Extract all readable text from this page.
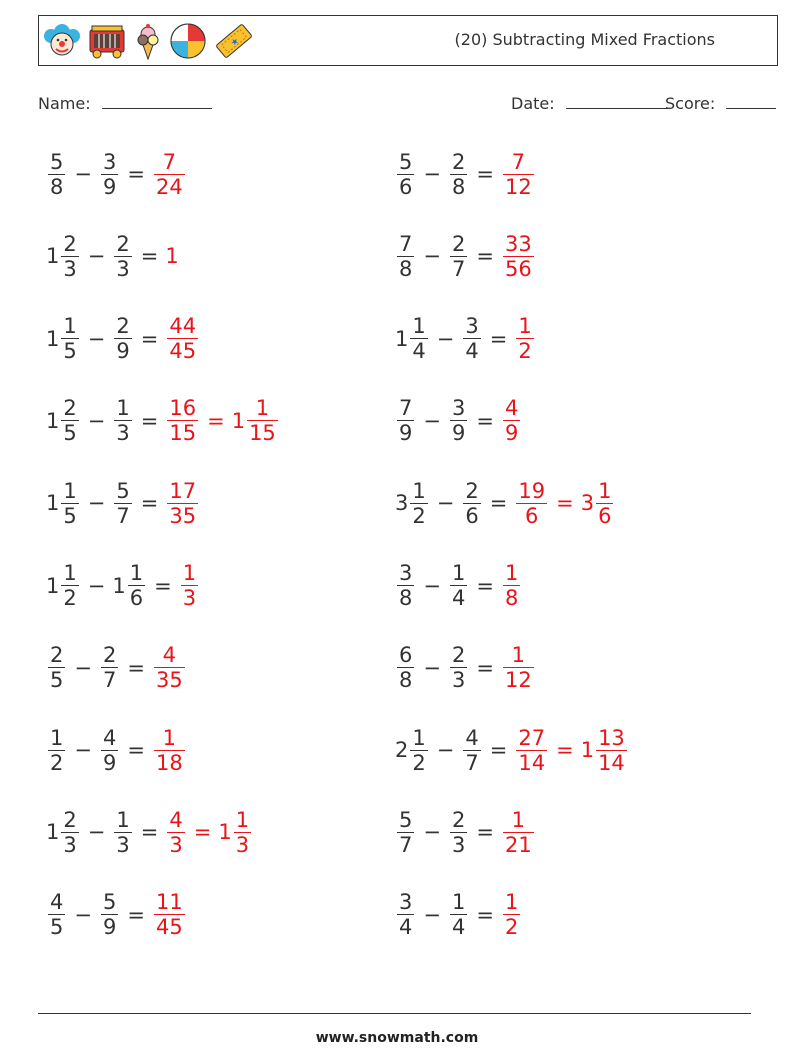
★	(20) Subtracting Mixed Fractions
Name:	Date:	Score:
$\frac{5}{8} - \frac{3}{9} = \frac{7}{24}$
$1 \frac{2}{3} - \frac{2}{3} = 1$
$1 \frac{1}{5} - \frac{2}{9} = \frac{44}{45}$
$1 \frac{2}{5} - \frac{1}{3} = \frac{16}{15} = 1 \frac{1}{15}$
$1 \frac{1}{5} - \frac{5}{7} = \frac{17}{35}$
$1 \frac{1}{2} - 1 \frac{1}{6} = \frac{1}{3}$
$\frac{2}{5} - \frac{2}{7} = \frac{4}{35}$
$\frac{1}{2} - \frac{4}{9} = \frac{1}{18}$
$1 \frac{2}{3} - \frac{1}{3} = \frac{4}{3} = 1 \frac{1}{3}$
$\frac{4}{5} - \frac{5}{9} = \frac{11}{45}$
$\frac{5}{6} - \frac{2}{8} = \frac{7}{12}$
$\frac{7}{8} - \frac{2}{7} = \frac{33}{56}$
$1 \frac{1}{4} - \frac{3}{4} = \frac{1}{2}$
$\frac{7}{9} - \frac{3}{9} = \frac{4}{9}$
$3 \frac{1}{2} - \frac{2}{6} = \frac{19}{6} = 3 \frac{1}{6}$
$\frac{3}{8} - \frac{1}{4} = \frac{1}{8}$
$\frac{6}{8} - \frac{2}{3} = \frac{1}{12}$
$2 \frac{1}{2} - \frac{4}{7} = \frac{27}{14} = 1 \frac{13}{14}$
$\frac{5}{7} - \frac{2}{3} = \frac{1}{21}$
$\frac{3}{4} - \frac{1}{4} = \frac{1}{2}$
www.snowmath.com
